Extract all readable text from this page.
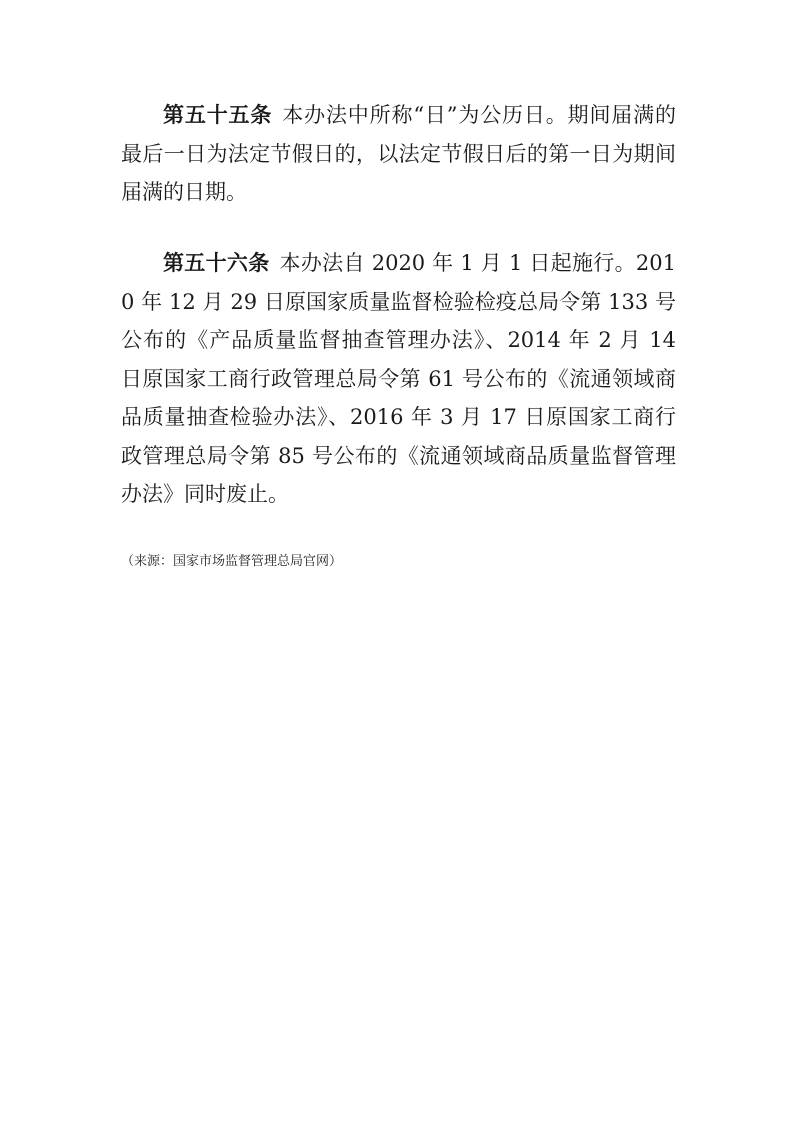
第五十五条 本办法中所称“日”为公历日。期间届满的最后一日为法定节假日的，以法定节假日后的第一日为期间届满的日期。

第五十六条 本办法自 2020 年 1 月 1 日起施行。2010 年 12 月 29 日原国家质量监督检验检疫总局令第 133 号公布的《产品质量监督抽查管理办法》、2014 年 2 月 14 日原国家工商行政管理总局令第 61 号公布的《流通领域商品质量抽查检验办法》、2016 年 3 月 17 日原国家工商行政管理总局令第 85 号公布的《流通领域商品质量监督管理办法》同时废止。

（来源：国家市场监督管理总局官网）
